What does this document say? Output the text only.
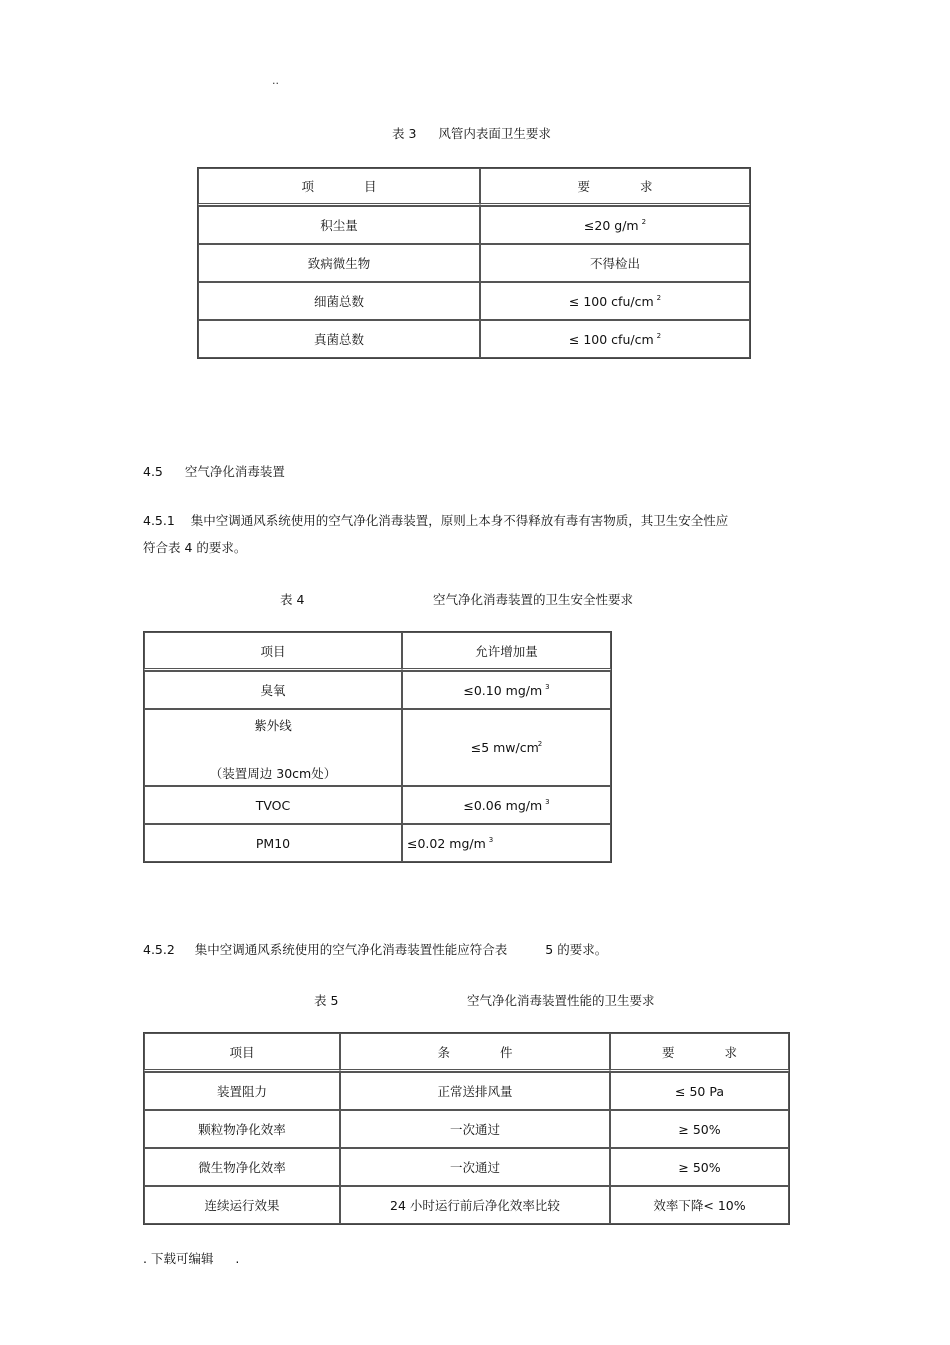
..
表 3 风管内表面卫生要求
项　　　　目	要　　　　求
积尘量	≤20 g/m $^2$
致病微生物	不得检出
细菌总数	≤ 100 cfu/cm $^2$
真菌总数	≤ 100 cfu/cm $^2$
4.5 空气净化消毒装置
4.5.1 集中空调通风系统使用的空气净化消毒装置，原则上本身不得释放有毒有害物质，其卫生安全性应
符合表 4 的要求。
表 4	空气净化消毒装置的卫生安全性要求
项目	允许增加量
臭氧	≤0.10 mg/m $^3$

紫外线
（装置周边 30cm处）	≤5 $mw/cm^2$
TVOC	≤0.06 mg/m $^3$
PM10	≤0.02 mg/m $^3$
4.5.2 集中空调通风系统使用的空气净化消毒装置性能应符合表	5 的要求。
表 5	空气净化消毒装置性能的卫生要求
项目	条　　　　件	要　　　　求
装置阻力	正常送排风量	≤ 50 Pa
颗粒物净化效率	一次通过	≥ 50%
微生物净化效率	一次通过	≥ 50%
连续运行效果	24 小时运行前后净化效率比较	效率下降< 10%
. 下载可编辑 .
